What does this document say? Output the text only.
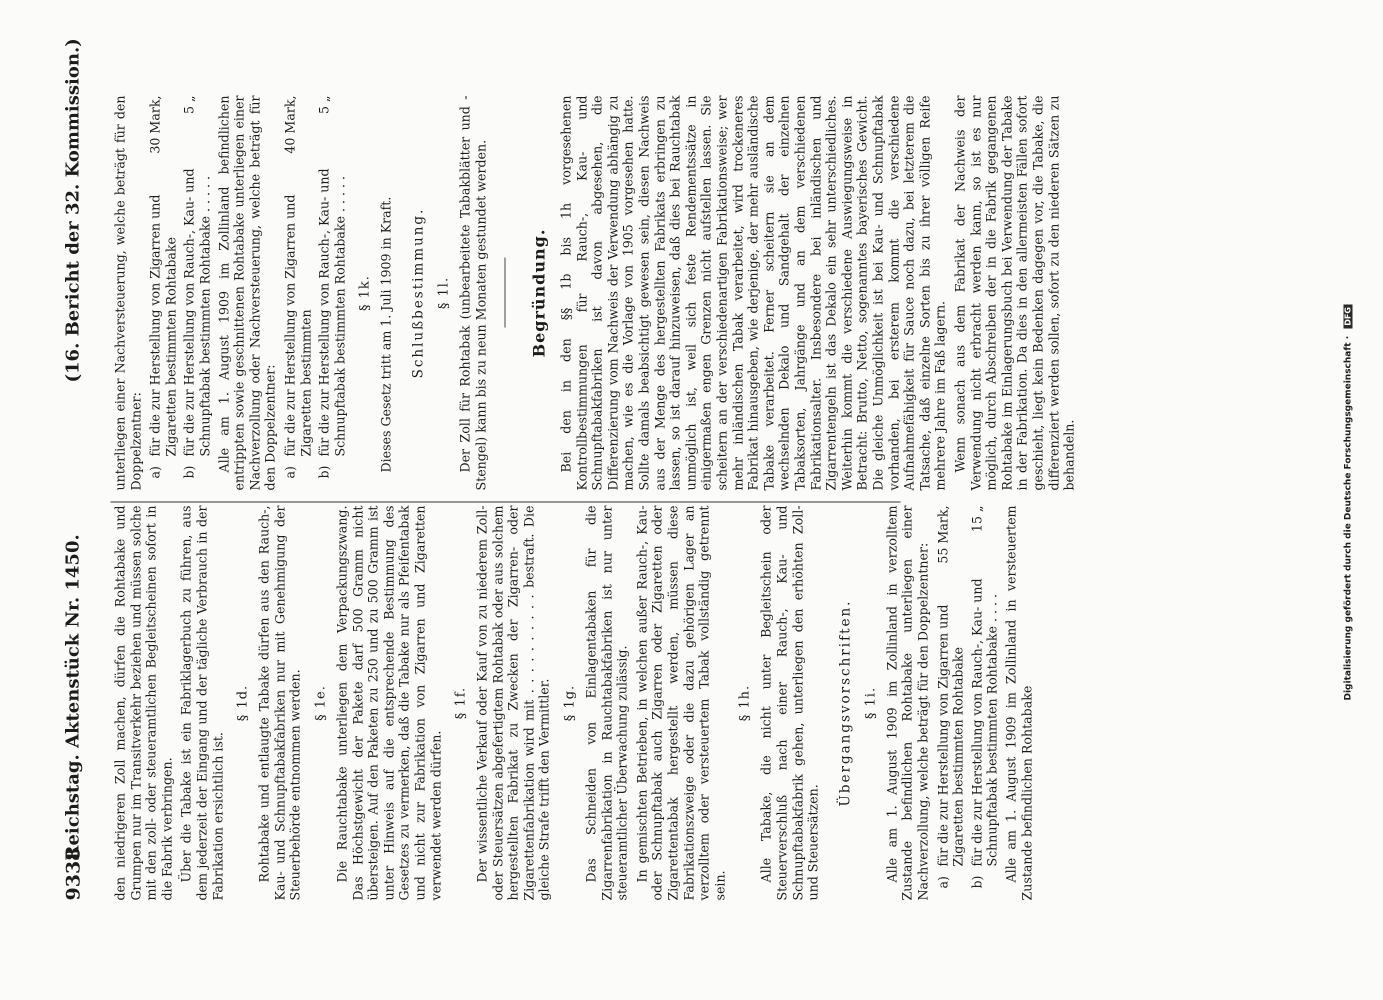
9338
Reichstag. Aktenstück Nr. 1450.
(16. Bericht der 32. Kommission.)

den niedrigeren Zoll machen, dürfen die Rohtabake und Grumpen nur im Transitverkehr beziehen und müssen solche mit den zoll- oder steueramtlichen Begleitscheinen sofort in die Fabrik verbringen. Über die Tabake ist ein Fabriklagerbuch zu führen, aus dem jederzeit der Eingang und der tägliche Verbrauch in der Fabrikation ersichtlich ist.

§ 1d. Rohtabake und entlaugte Tabake dürfen aus den Rauch-, Kau- und Schnupftabakfabriken nur mit Genehmigung der Steuerbehörde entnommen werden. § 1e. Die Rauchtabake unterliegen dem Verpackungszwang. Das Höchstgewicht der Pakete darf 500 Gramm nicht übersteigen. Auf den Paketen zu 250 und zu 500 Gramm ist unter Hinweis auf die entsprechende Bestimmung des Gesetzes zu vermerken, daß die Tabake nur als Pfeifentabak und nicht zur Fabrikation von Zigarren und Zigaretten verwendet werden dürfen.

§ 1f. Der wissentliche Verkauf oder Kauf von zu niederem Zoll- oder Steuersätzen abgefertigtem Rohtabak oder aus solchem hergestellten Fabrikat zu Zwecken der Zigarren- oder Zigarettenfabrikation wird mit . . . . . . . . . . bestraft. Die gleiche Strafe trifft den Vermittler. § 1g. Das Schneiden von Einlagentabaken für die Zigarrenfabrikation in Rauchtabakfabriken ist nur unter steueramtlicher Überwachung zulässig. In gemischten Betrieben, in welchen außer Rauch-, Kau- oder Schnupftabak auch Zigarren oder Zigaretten oder Zigarettentabak hergestellt werden, müssen diese Fabrikationszweige oder die dazu gehörigen Lager an verzolltem oder versteuertem Tabak vollständig getrennt sein.

§ 1h. Alle Tabake, die nicht unter Begleitschein oder Steuerverschluß nach einer Rauch-, Kau- und Schnupftabakfabrik gehen, unterliegen den erhöhten Zoll- und Steuersätzen.

Übergangsvorschriften. § 1i. Alle am 1. August 1909 im Zollinland in verzolltem Zustande befindlichen Rohtabake unterliegen einer Nachverzollung, welche beträgt für den Doppelzentner: a)
55 Mark,
für die zur Herstellung von Zigarren und Zigaretten bestimmten Rohtabake
b)
15 „
für die zur Herstellung von Rauch-, Kau- und Schnupftabak bestimmten Rohtabake . . . . Alle am 1. August 1909 im Zollinland in versteuertem Zustande befindlichen Rohtabake

unterliegen einer Nachversteuerung, welche beträgt für den Doppelzentner: a)
30 Mark,
für die zur Herstellung von Zigarren und Zigaretten bestimmten Rohtabake
b)
5 „
für die zur Herstellung von Rauch-, Kau- und Schnupftabak bestimmten Rohtabake . . . . . Alle am 1. August 1909 im Zollinland befindlichen entrippten sowie geschnittenen Rohtabake unterliegen einer Nachverzollung oder Nachversteuerung, welche beträgt für den Doppelzentner: a)
40 Mark,
für die zur Herstellung von Zigarren und Zigaretten bestimmten
b)
5 „
für die zur Herstellung von Rauch-, Kau- und Schnupftabak bestimmten Rohtabake . . . . . § 1k. Dieses Gesetz tritt am 1. Juli 1909 in Kraft. Schlußbestimmung. § 1l. Der Zoll für Rohtabak (unbearbeitete Tabakblätter und -Stengel) kann bis zu neun Monaten gestundet werden.	Begründung. Bei den in den §§ 1b bis 1h vorgesehenen Kontrollbestimmungen für Rauch-, Kau- und Schnupftabakfabriken ist davon abgesehen, die Differenzierung vom Nachweis der Verwendung abhängig zu machen, wie es die Vorlage von 1905 vorgesehen hatte. Sollte damals beabsichtigt gewesen sein, diesen Nachweis aus der Menge des hergestellten Fabrikats erbringen zu lassen, so ist darauf hinzuweisen, daß dies bei Rauchtabak unmöglich ist, weil sich feste Rendementssätze in einigermaßen engen Grenzen nicht aufstellen lassen. Sie scheitern an der verschiedenartigen Fabrikationsweise; wer mehr inländischen Tabak verarbeitet, wird trockeneres Fabrikat hinausgeben, wie derjenige, der mehr ausländische Tabake verarbeitet. Ferner scheitern sie an dem wechselnden Dekalo und Sandgehalt der einzelnen Tabaksorten, Jahrgänge und an dem verschiedenen Fabrikationsalter. Insbesondere bei inländischen und Zigarrentengeln ist das Dekalo ein sehr unterschiedliches. Weiterhin kommt die verschiedene Auswiegungsweise in Betracht: Brutto, Netto, sogenanntes bayerisches Gewicht. Die gleiche Unmöglichkeit ist bei Kau- und Schnupftabak vorhanden, bei ersterem kommt die verschiedene Aufnahmefähigkeit für Sauce noch dazu, bei letzterem die Tatsache, daß einzelne Sorten bis zu ihrer völligen Reife mehrere Jahre im Faß lagern. Wenn sonach aus dem Fabrikat der Nachweis der Verwendung nicht erbracht werden kann, so ist es nur möglich, durch Abschreiben der in die Fabrik gegangenen Rohtabake im Einlagerungsbuch bei Verwendung der Tabake in der Fabrikation. Da dies in den allermeisten Fällen sofort geschieht, liegt kein Bedenken dagegen vor, die Tabake, die differenziert werden sollen, sofort zu den niederen Sätzen zu behandeln.	Digitalisierung gefördert durch die Deutsche Forschungsgemeinschaft · DFG
